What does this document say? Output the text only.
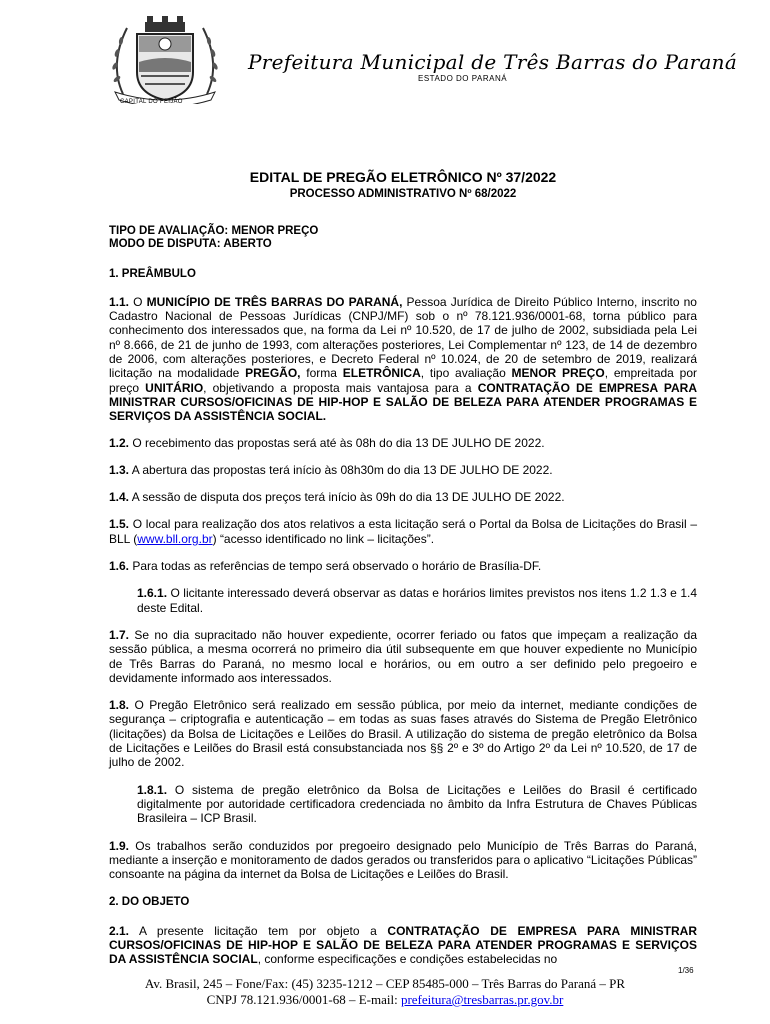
CAPITAL DO FEIJÃO
Prefeitura Municipal de Três Barras do Paraná
ESTADO DO PARANÁ
EDITAL DE PREGÃO ELETRÔNICO Nº 37/2022
PROCESSO ADMINISTRATIVO Nº 68/2022
TIPO DE AVALIAÇÃO: MENOR PREÇO
MODO DE DISPUTA: ABERTO
1. PREÂMBULO

1.1. O MUNICÍPIO DE TRÊS BARRAS DO PARANÁ, Pessoa Jurídica de Direito Público Interno, inscrito no Cadastro Nacional de Pessoas Jurídicas (CNPJ/MF) sob o nº 78.121.936/0001-68, torna público para conhecimento dos interessados que, na forma da Lei nº 10.520, de 17 de julho de 2002, subsidiada pela Lei nº 8.666, de 21 de junho de 1993, com alterações posteriores, Lei Complementar nº 123, de 14 de dezembro de 2006, com alterações posteriores, e Decreto Federal nº 10.024, de 20 de setembro de 2019, realizará licitação na modalidade PREGÃO, forma ELETRÔNICA, tipo avaliação MENOR PREÇO, empreitada por preço UNITÁRIO, objetivando a proposta mais vantajosa para a CONTRATAÇÃO DE EMPRESA PARA MINISTRAR CURSOS/OFICINAS DE HIP-HOP E SALÃO DE BELEZA PARA ATENDER PROGRAMAS E SERVIÇOS DA ASSISTÊNCIA SOCIAL.

1.2. O recebimento das propostas será até às 08h do dia 13 DE JULHO DE 2022.

1.3. A abertura das propostas terá início às 08h30m do dia 13 DE JULHO DE 2022.

1.4. A sessão de disputa dos preços terá início às 09h do dia 13 DE JULHO DE 2022.

1.5. O local para realização dos atos relativos a esta licitação será o Portal da Bolsa de Licitações do Brasil – BLL (www.bll.org.br) “acesso identificado no link – licitações”.

1.6. Para todas as referências de tempo será observado o horário de Brasília-DF.

1.6.1. O licitante interessado deverá observar as datas e horários limites previstos nos itens 1.2 1.3 e 1.4 deste Edital.

1.7. Se no dia supracitado não houver expediente, ocorrer feriado ou fatos que impeçam a realização da sessão pública, a mesma ocorrerá no primeiro dia útil subsequente em que houver expediente no Município de Três Barras do Paraná, no mesmo local e horários, ou em outro a ser definido pelo pregoeiro e devidamente informado aos interessados.

1.8. O Pregão Eletrônico será realizado em sessão pública, por meio da internet, mediante condições de segurança – criptografia e autenticação – em todas as suas fases através do Sistema de Pregão Eletrônico (licitações) da Bolsa de Licitações e Leilões do Brasil. A utilização do sistema de pregão eletrônico da Bolsa de Licitações e Leilões do Brasil está consubstanciada nos §§ 2º e 3º do Artigo 2º da Lei nº 10.520, de 17 de julho de 2002.

1.8.1. O sistema de pregão eletrônico da Bolsa de Licitações e Leilões do Brasil é certificado digitalmente por autoridade certificadora credenciada no âmbito da Infra Estrutura de Chaves Públicas Brasileira – ICP Brasil.

1.9. Os trabalhos serão conduzidos por pregoeiro designado pelo Município de Três Barras do Paraná, mediante a inserção e monitoramento de dados gerados ou transferidos para o aplicativo “Licitações Públicas” consoante na página da internet da Bolsa de Licitações e Leilões do Brasil.

2. DO OBJETO

2.1. A presente licitação tem por objeto a CONTRATAÇÃO DE EMPRESA PARA MINISTRAR CURSOS/OFICINAS DE HIP-HOP E SALÃO DE BELEZA PARA ATENDER PROGRAMAS E SERVIÇOS DA ASSISTÊNCIA SOCIAL, conforme especificações e condições estabelecidas no

1/36
Av. Brasil, 245 – Fone/Fax: (45) 3235-1212 – CEP 85485-000 – Três Barras do Paraná – PR
CNPJ 78.121.936/0001-68 – E-mail: prefeitura@tresbarras.pr.gov.br
